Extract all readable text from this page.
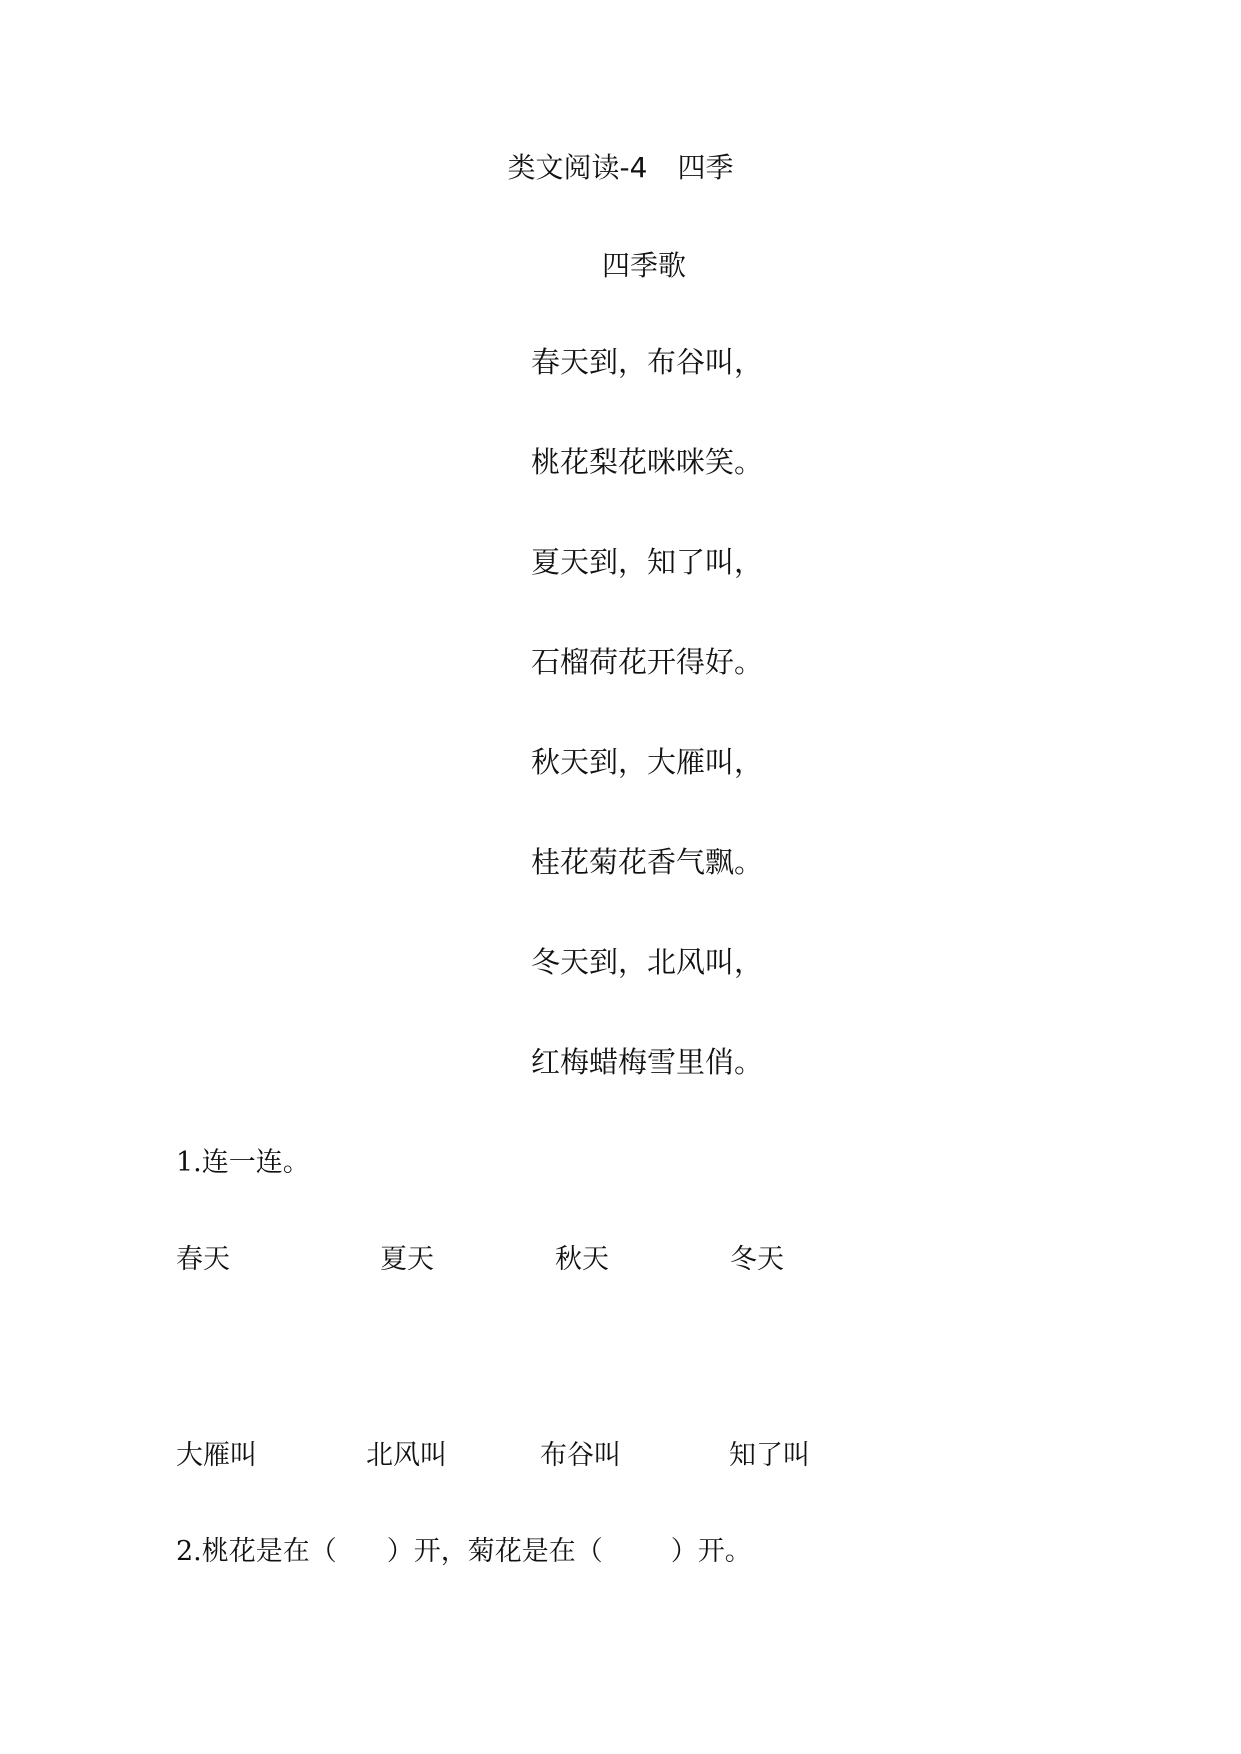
类文阅读-4 四季
四季歌
春天到，布谷叫，
桃花梨花咪咪笑。
夏天到，知了叫，
石榴荷花开得好。
秋天到，大雁叫，
桂花菊花香气飘。
冬天到，北风叫，
红梅蜡梅雪里俏。
1.连一连。
春天	夏天	秋天	冬天
大雁叫	北风叫	布谷叫	知了叫
2.桃花是在（ ）开，菊花是在（	）开。
